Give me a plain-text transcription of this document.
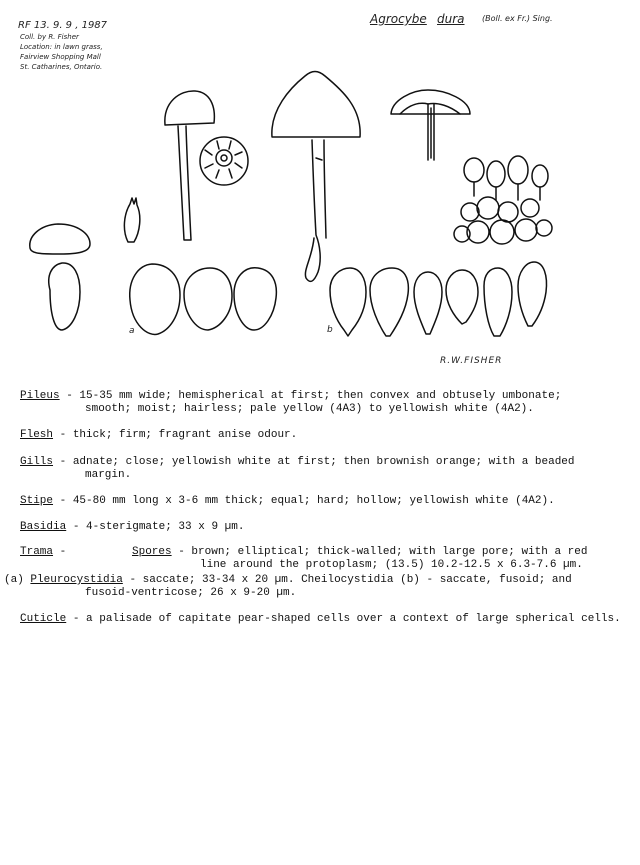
RF 13. 9. 9 , 1987
Coll. by R. Fisher
Location: in lawn grass,
Fairview Shopping Mall
St. Catharines, Ontario.
Agrocybe dura (Boll. ex Fr.) Sing.
a	b
R.W.FISHER
Pileus - 15-35 mm wide; hemispherical at first; then convex and obtusely umbonate;
smooth; moist; hairless; pale yellow (4A3) to yellowish white (4A2).
Flesh - thick; firm; fragrant anise odour.
Gills - adnate; close; yellowish white at first; then brownish orange; with a beaded
margin.
Stipe - 45-80 mm long x 3-6 mm thick; equal; hard; hollow; yellowish white (4A2).
Basidia - 4-sterigmate; 33 x 9 µm.
Trama -	Spores - brown; elliptical; thick-walled; with large pore; with a red
line around the protoplasm; (13.5) 10.2-12.5 x 6.3-7.6 µm.
(a) Pleurocystidia - saccate; 33-34 x 20 µm. Cheilocystidia (b) - saccate, fusoid; and
fusoid-ventricose; 26 x 9-20 µm.
Cuticle - a palisade of capitate pear-shaped cells over a context of large spherical cells.
